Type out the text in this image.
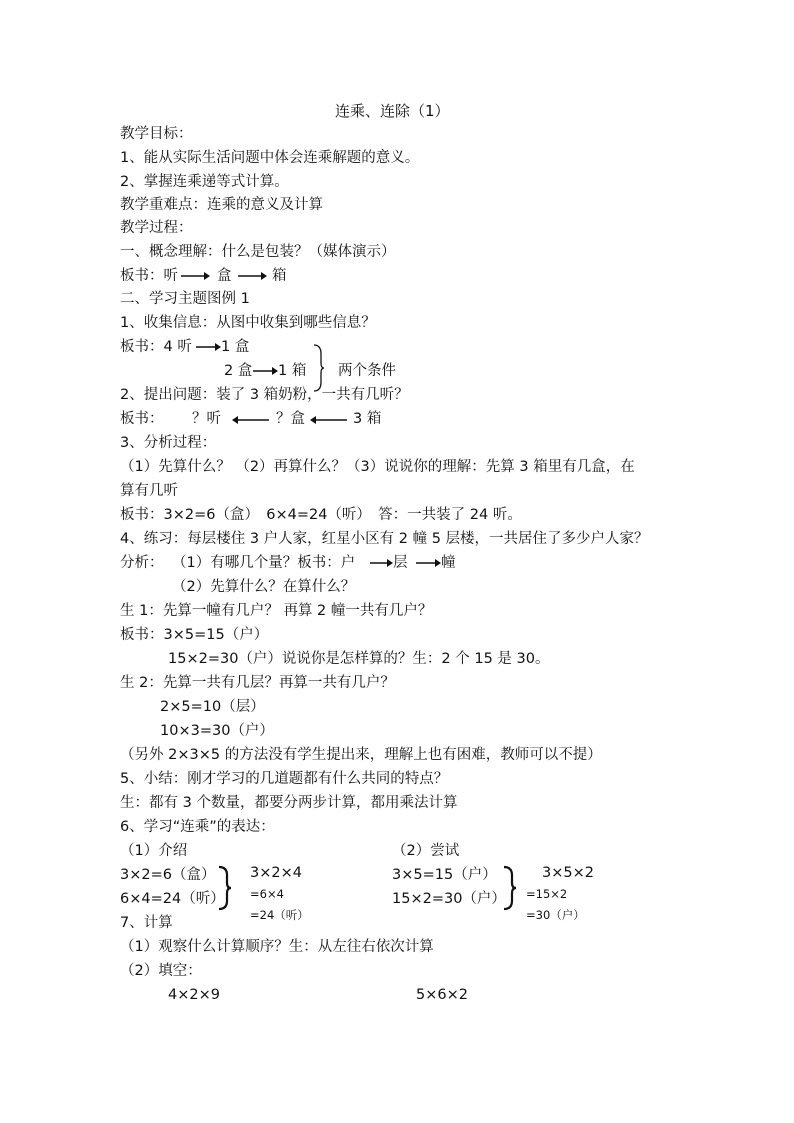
连乘、连除（1）
教学目标：
1、能从实际生活问题中体会连乘解题的意义。
2、掌握连乘递等式计算。
教学重难点：连乘的意义及计算
教学过程：
一、概念理解：什么是包装？（媒体演示）
板书：听	盒	箱
二、学习主题图例 1
1、收集信息：从图中收集到哪些信息？
板书：4 听 1 盒
2 盒 1 箱 两个条件
2、提出问题：装了 3 箱奶粉，一共有几听？
板书： ？听	？盒	3 箱
3、分析过程：
（1）先算什么？ （2）再算什么？（3）说说你的理解：先算 3 箱里有几盒，在
算有几听
板书：3×2=6（盒）　6×4=24（听）　答：一共装了 24 听。
4、练习：每层楼住 3 户人家，红星小区有 2 幢 5 层楼，一共居住了多少户人家？
分析： （1）有哪几个量？板书：户	层 幢
（2）先算什么？在算什么？
生 1：先算一幢有几户？ 再算 2 幢一共有几户？
板书：3×5=15（户）
15×2=30（户）说说你是怎样算的？生：2 个 15 是 30。
生 2：先算一共有几层？再算一共有几户？
2×5=10（层）
10×3=30（户）
（另外 2×3×5 的方法没有学生提出来，理解上也有困难，教师可以不提）
5、小结：刚才学习的几道题都有什么共同的特点？
生：都有 3 个数量，都要分两步计算，都用乘法计算
6、学习“连乘”的表达：
（1）介绍
3×2=6（盒）
6×4=24（听）
3×2×4
=6×4
=24（听）
（2）尝试
3×5=15（户）
15×2=30（户）
3×5×2
=15×2
=30（户）
7、计算
（1）观察什么计算顺序？生：从左往右依次计算
（2）填空：
4×2×9	5×6×2
